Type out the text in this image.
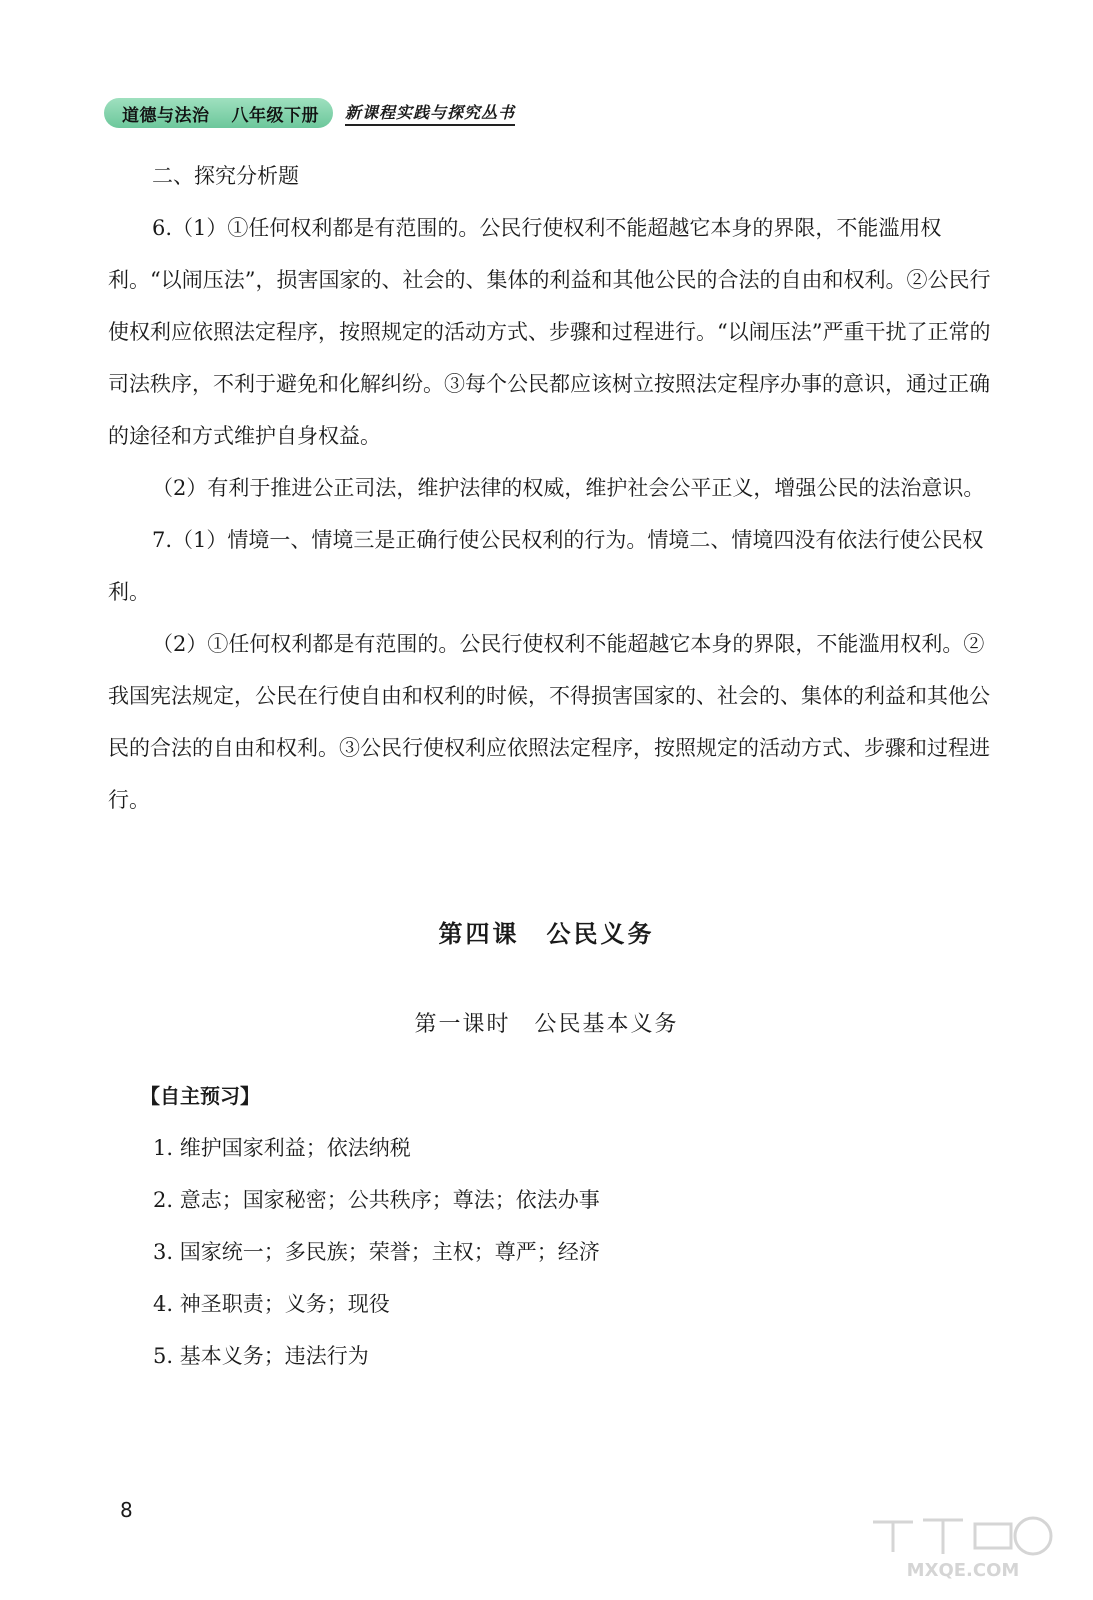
道德与法治 八年级下册 新课程实践与探究丛书

二、探究分析题

6.（1）①任何权利都是有范围的。公民行使权利不能超越它本身的界限，不能滥用权利。“以闹压法”，损害国家的、社会的、集体的利益和其他公民的合法的自由和权利。②公民行使权利应依照法定程序，按照规定的活动方式、步骤和过程进行。“以闹压法”严重干扰了正常的司法秩序，不利于避免和化解纠纷。③每个公民都应该树立按照法定程序办事的意识，通过正确的途径和方式维护自身权益。

（2）有利于推进公正司法，维护法律的权威，维护社会公平正义，增强公民的法治意识。

7.（1）情境一、情境三是正确行使公民权利的行为。情境二、情境四没有依法行使公民权利。

（2）①任何权利都是有范围的。公民行使权利不能超越它本身的界限，不能滥用权利。②我国宪法规定，公民在行使自由和权利的时候，不得损害国家的、社会的、集体的利益和其他公民的合法的自由和权利。③公民行使权利应依照法定程序，按照规定的活动方式、步骤和过程进行。

第四课　公民义务
第一课时　公民基本义务
【自主预习】
1. 维护国家利益；依法纳税
2. 意志；国家秘密；公共秩序；尊法；依法办事
3. 国家统一；多民族；荣誉；主权；尊严；经济
4. 神圣职责；义务；现役
5. 基本义务；违法行为
8
MXQE.COM
